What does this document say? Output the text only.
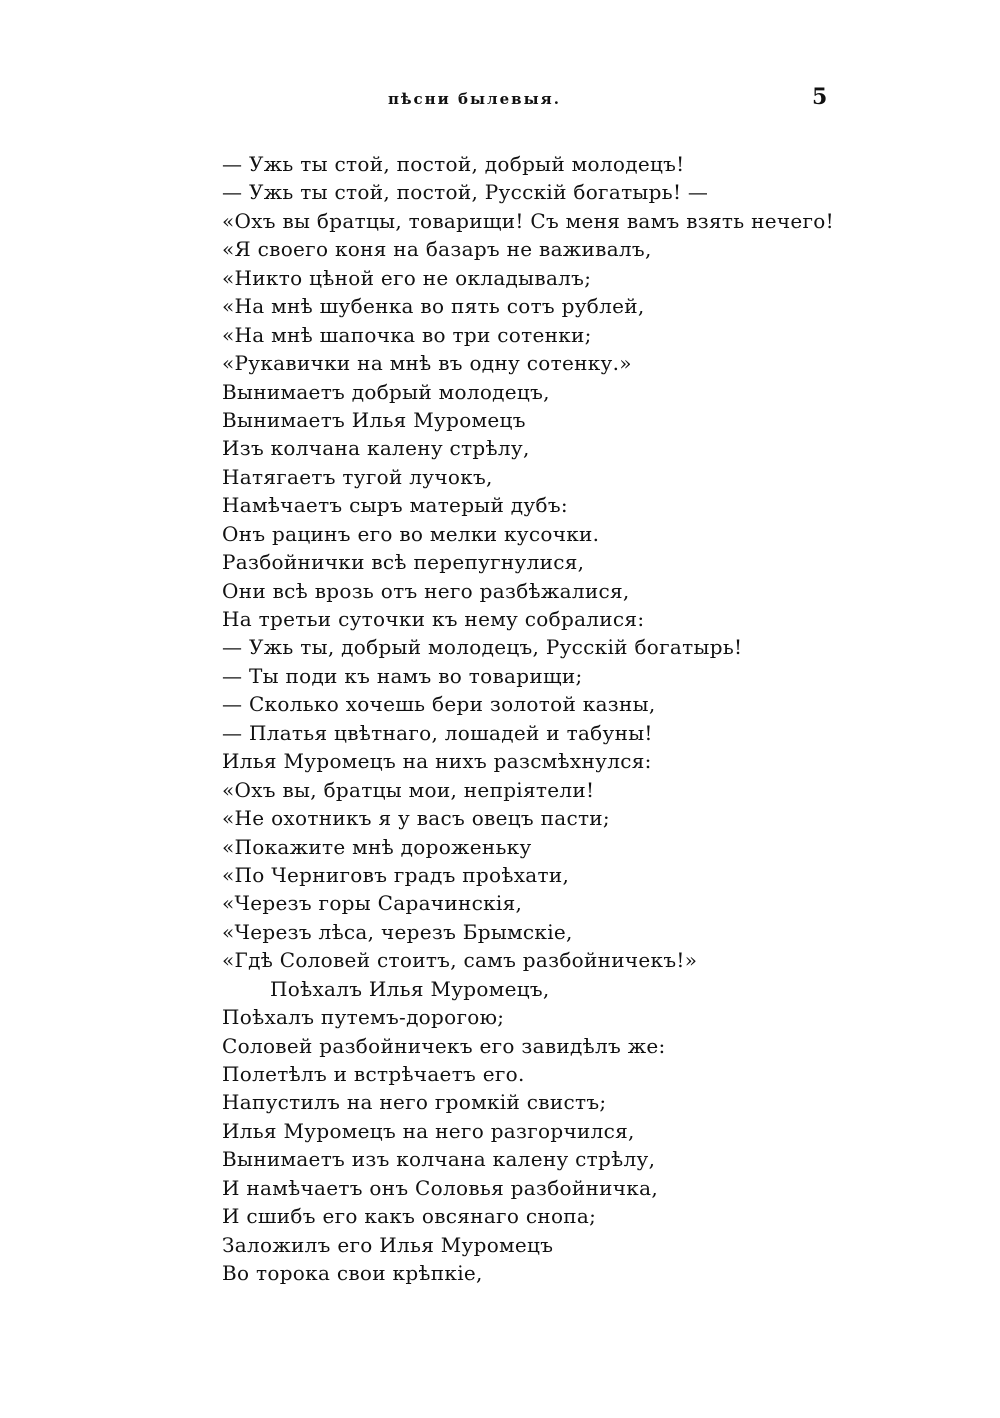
пѣсни былевыя.	5
— Ужь ты стой, постой, добрый молодецъ!
— Ужь ты стой, постой, Русскій богатырь! —
«Охъ вы братцы, товарищи! Съ меня вамъ взять нечего!
«Я своего коня на базаръ не важивалъ,
«Никто цѣной его не окладывалъ;
«На мнѣ шубенка во пять сотъ рублей,
«На мнѣ шапочка во три сотенки;
«Рукавички на мнѣ въ одну сотенку.»
Вынимаетъ добрый молодецъ,
Вынимаетъ Илья Муромецъ
Изъ колчана калену стрѣлу,
Натягаетъ тугой лучокъ,
Намѣчаетъ сыръ матерый дубъ:
Онъ рацинъ его во мелки кусочки.
Разбойнички всѣ перепугнулися,
Они всѣ врозь отъ него разбѣжалися,
На третьи суточки къ нему собралися:
— Ужь ты, добрый молодецъ, Русскій богатырь!
— Ты поди къ намъ во товарищи;
— Сколько хочешь бери золотой казны,
— Платья цвѣтнаго, лошадей и табуны!
Илья Муромецъ на нихъ разсмѣхнулся:
«Охъ вы, братцы мои, непріятели!
«Не охотникъ я у васъ овецъ пасти;
«Покажите мнѣ дороженьку
«По Черниговъ градъ проѣхати,
«Черезъ горы Сарачинскія,
«Черезъ лѣса, черезъ Брымскіе,
«Гдѣ Соловей стоитъ, самъ разбойничекъ!»
Поѣхалъ Илья Муромецъ,
Поѣхалъ путемъ-дорогою;
Соловей разбойничекъ его завидѣлъ же:
Полетѣлъ и встрѣчаетъ его.
Напустилъ на него громкій свистъ;
Илья Муромецъ на него разгорчился,
Вынимаетъ изъ колчана калену стрѣлу,
И намѣчаетъ онъ Соловья разбойничка,
И сшибъ его какъ овсянаго снопа;
Заложилъ его Илья Муромецъ
Во торока свои крѣпкіе,
